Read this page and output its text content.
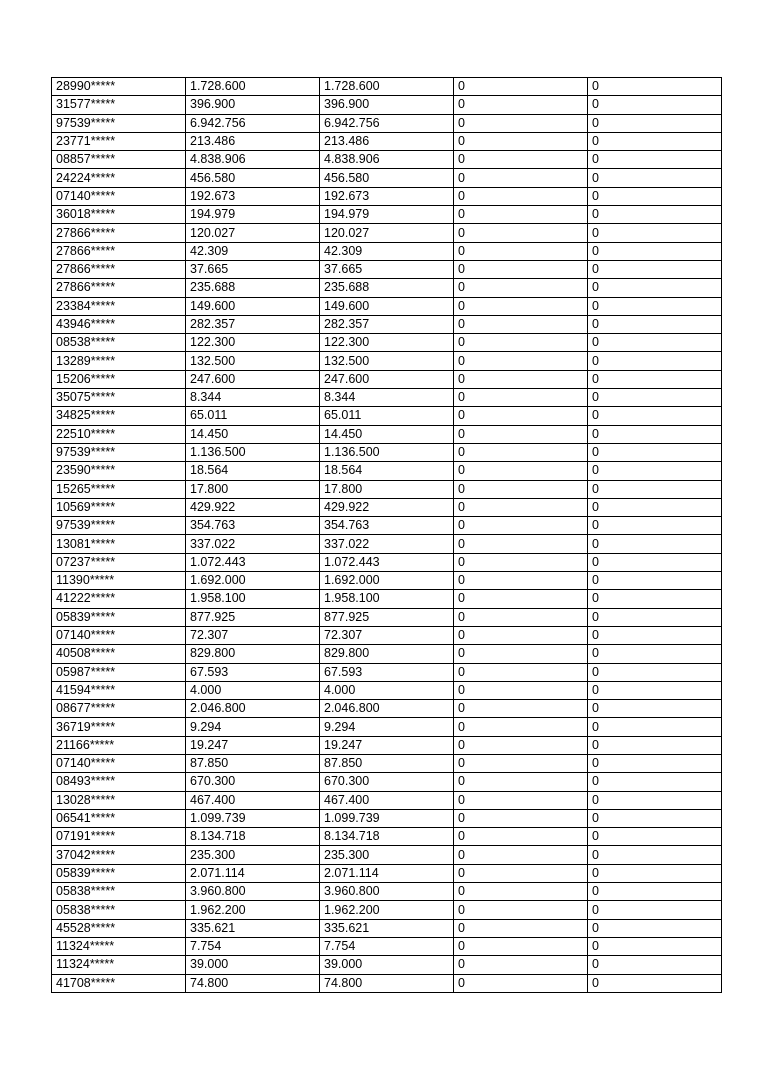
28990*****	1.728.600	1.728.600	0	0
31577*****	396.900	396.900	0	0
97539*****	6.942.756	6.942.756	0	0
23771*****	213.486	213.486	0	0
08857*****	4.838.906	4.838.906	0	0
24224*****	456.580	456.580	0	0
07140*****	192.673	192.673	0	0
36018*****	194.979	194.979	0	0
27866*****	120.027	120.027	0	0
27866*****	42.309	42.309	0	0
27866*****	37.665	37.665	0	0
27866*****	235.688	235.688	0	0
23384*****	149.600	149.600	0	0
43946*****	282.357	282.357	0	0
08538*****	122.300	122.300	0	0
13289*****	132.500	132.500	0	0
15206*****	247.600	247.600	0	0
35075*****	8.344	8.344	0	0
34825*****	65.011	65.011	0	0
22510*****	14.450	14.450	0	0
97539*****	1.136.500	1.136.500	0	0
23590*****	18.564	18.564	0	0
15265*****	17.800	17.800	0	0
10569*****	429.922	429.922	0	0
97539*****	354.763	354.763	0	0
13081*****	337.022	337.022	0	0
07237*****	1.072.443	1.072.443	0	0
11390*****	1.692.000	1.692.000	0	0
41222*****	1.958.100	1.958.100	0	0
05839*****	877.925	877.925	0	0
07140*****	72.307	72.307	0	0
40508*****	829.800	829.800	0	0
05987*****	67.593	67.593	0	0
41594*****	4.000	4.000	0	0
08677*****	2.046.800	2.046.800	0	0
36719*****	9.294	9.294	0	0
21166*****	19.247	19.247	0	0
07140*****	87.850	87.850	0	0
08493*****	670.300	670.300	0	0
13028*****	467.400	467.400	0	0
06541*****	1.099.739	1.099.739	0	0
07191*****	8.134.718	8.134.718	0	0
37042*****	235.300	235.300	0	0
05839*****	2.071.114	2.071.114	0	0
05838*****	3.960.800	3.960.800	0	0
05838*****	1.962.200	1.962.200	0	0
45528*****	335.621	335.621	0	0
11324*****	7.754	7.754	0	0
11324*****	39.000	39.000	0	0
41708*****	74.800	74.800	0	0
